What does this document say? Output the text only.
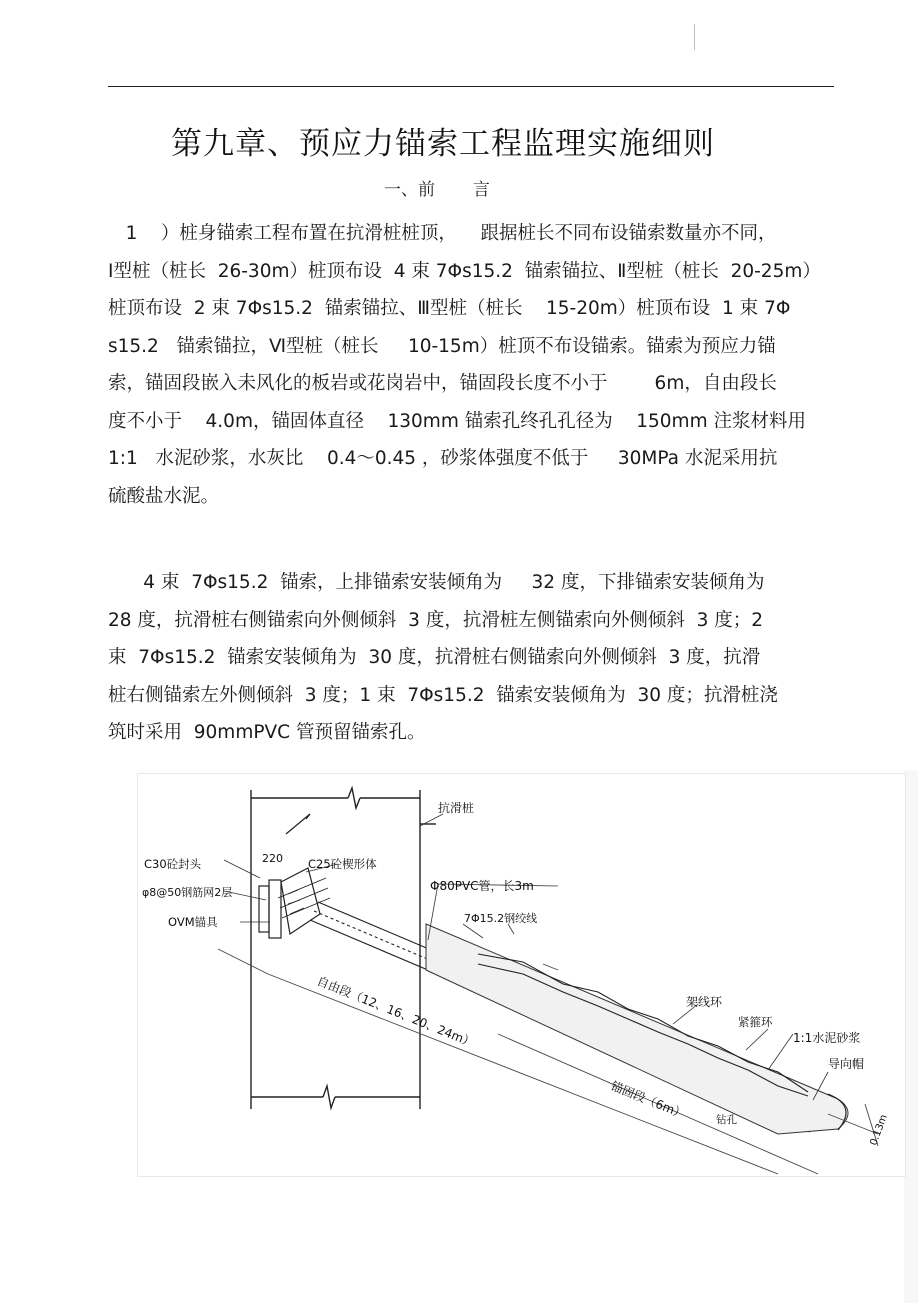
第九章、预应力锚索工程监理实施细则
一、前       言
1    ）桩身锚索工程布置在抗滑桩桩顶，    跟据桩长不同布设锚索数量亦不同，
Ⅰ型桩（桩长  26-30m）桩顶布设  4 束 7Φs15.2  锚索锚拉、Ⅱ型桩（桩长  20-25m）
桩顶布设  2 束 7Φs15.2  锚索锚拉、Ⅲ型桩（桩长    15-20m）桩顶布设  1 束 7Φ
s15.2   锚索锚拉，Ⅵ型桩（桩长     10-15m）桩顶不布设锚索。锚索为预应力锚
索，锚固段嵌入未风化的板岩或花岗岩中，锚固段长度不小于        6m，自由段长
度不小于    4.0m，锚固体直径    130mm 锚索孔终孔孔径为    150mm 注浆材料用
1:1   水泥砂浆，水灰比    0.4～0.45 ，砂浆体强度不低于     30MPa 水泥采用抗
硫酸盐水泥。
4 束  7Φs15.2  锚索，上排锚索安装倾角为     32 度，下排锚索安装倾角为
28 度，抗滑桩右侧锚索向外侧倾斜  3 度，抗滑桩左侧锚索向外侧倾斜  3 度；2
束  7Φs15.2  锚索安装倾角为  30 度，抗滑桩右侧锚索向外侧倾斜  3 度，抗滑
桩右侧锚索左外侧倾斜  3 度；1 束  7Φs15.2  锚索安装倾角为  30 度；抗滑桩浇
筑时采用  90mmPVC 管预留锚索孔。
抗滑桩
C30砼封头
φ8@50钢筋网2层
OVM锚具
220 C25砼楔形体
Φ80PVC管，长3m
7Φ15.2钢绞线
自由段（12、16、20、24m）	架线环
紧箍环
1:1水泥砂浆
导向帽
锚固段（6m）	钻孔	0.13m
